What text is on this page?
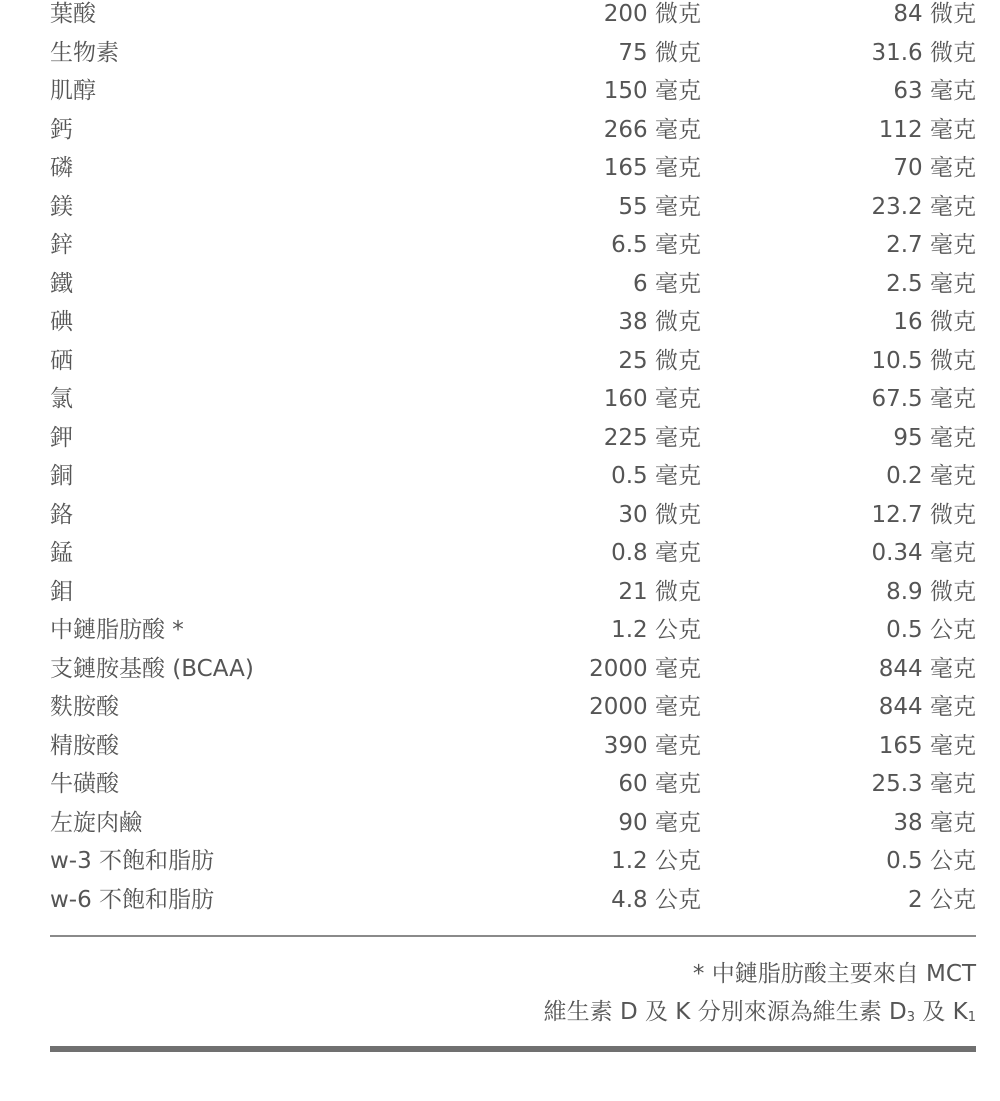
葉酸	200 微克	84 微克
生物素	75 微克	31.6 微克
肌醇	150 毫克	63 毫克
鈣	266 毫克	112 毫克
磷	165 毫克	70 毫克
鎂	55 毫克	23.2 毫克
鋅	6.5 毫克	2.7 毫克
鐵	6 毫克	2.5 毫克
碘	38 微克	16 微克
硒	25 微克	10.5 微克
氯	160 毫克	67.5 毫克
鉀	225 毫克	95 毫克
銅	0.5 毫克	0.2 毫克
鉻	30 微克	12.7 微克
錳	0.8 毫克	0.34 毫克
鉬	21 微克	8.9 微克
中鏈脂肪酸 *	1.2 公克	0.5 公克
支鏈胺基酸 (BCAA)	2000 毫克	844 毫克
麩胺酸	2000 毫克	844 毫克
精胺酸	390 毫克	165 毫克
牛磺酸	60 毫克	25.3 毫克
左旋肉鹼	90 毫克	38 毫克
w-3 不飽和脂肪	1.2 公克	0.5 公克
w-6 不飽和脂肪	4.8 公克	2 公克
* 中鏈脂肪酸主要來自 MCT
維生素 D 及 K 分別來源為維生素 D3 及 K1
